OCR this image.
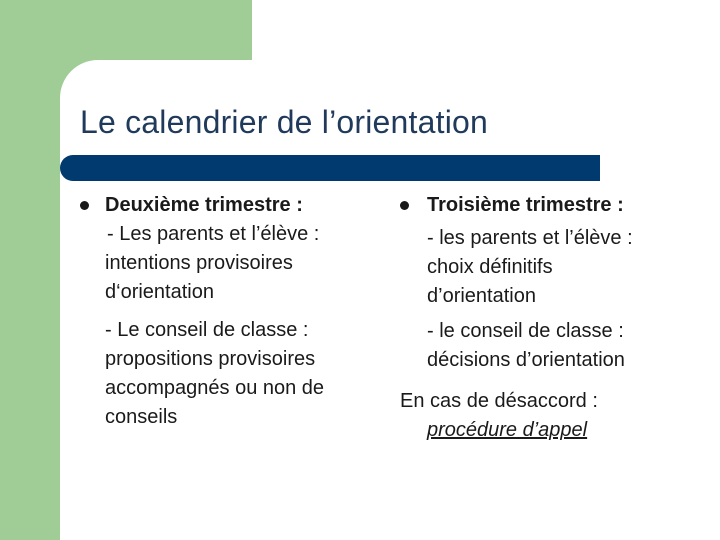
Le calendrier de l’orientation
Deuxième trimestre :
- Les parents et l’élève :
intentions provisoires
d‘orientation
- Le conseil de classe :
propositions provisoires
accompagnés ou non de
conseils
Troisième trimestre :
- les parents et l’élève :
choix définitifs
d’orientation
- le conseil de classe :
décisions d’orientation
En cas de désaccord :
procédure d’appel
